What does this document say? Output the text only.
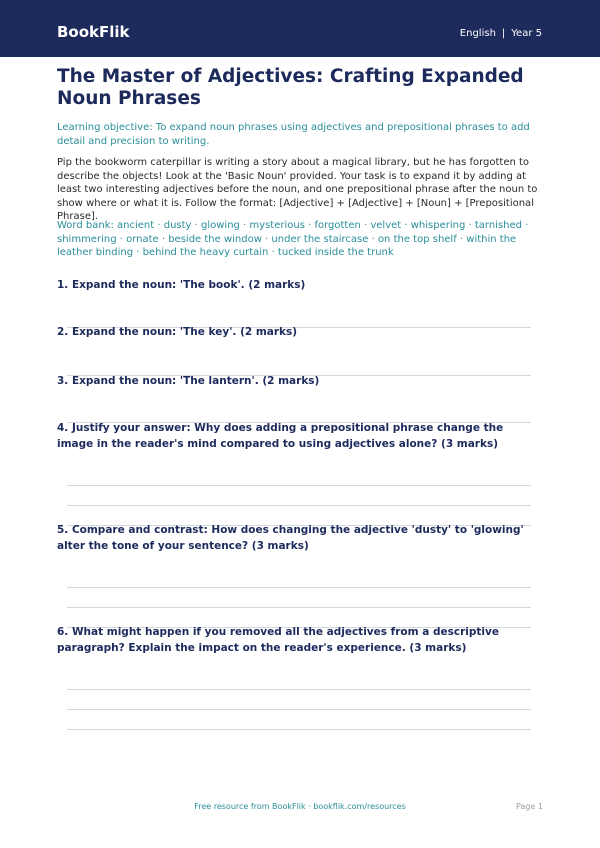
BookFlik	English | Year 5
The Master of Adjectives: Crafting Expanded Noun Phrases

Learning objective: To expand noun phrases using adjectives and prepositional phrases to add detail and precision to writing.

Pip the bookworm caterpillar is writing a story about a magical library, but he has forgotten to describe the objects! Look at the 'Basic Noun' provided. Your task is to expand it by adding at least two interesting adjectives before the noun, and one prepositional phrase after the noun to show where or what it is. Follow the format: [Adjective] + [Adjective] + [Noun] + [Prepositional Phrase].

Word bank: ancient · dusty · glowing · mysterious · forgotten · velvet · whispering · tarnished · shimmering · ornate · beside the window · under the staircase · on the top shelf · within the leather binding · behind the heavy curtain · tucked inside the trunk

1. Expand the noun: 'The book'. (2 marks)
2. Expand the noun: 'The key'. (2 marks)
3. Expand the noun: 'The lantern'. (2 marks)
4. Justify your answer: Why does adding a prepositional phrase change the image in the reader's mind compared to using adjectives alone? (3 marks)
5. Compare and contrast: How does changing the adjective 'dusty' to 'glowing' alter the tone of your sentence? (3 marks)
6. What might happen if you removed all the adjectives from a descriptive paragraph? Explain the impact on the reader's experience. (3 marks)
Free resource from BookFlik · bookflik.com/resources	Page 1
